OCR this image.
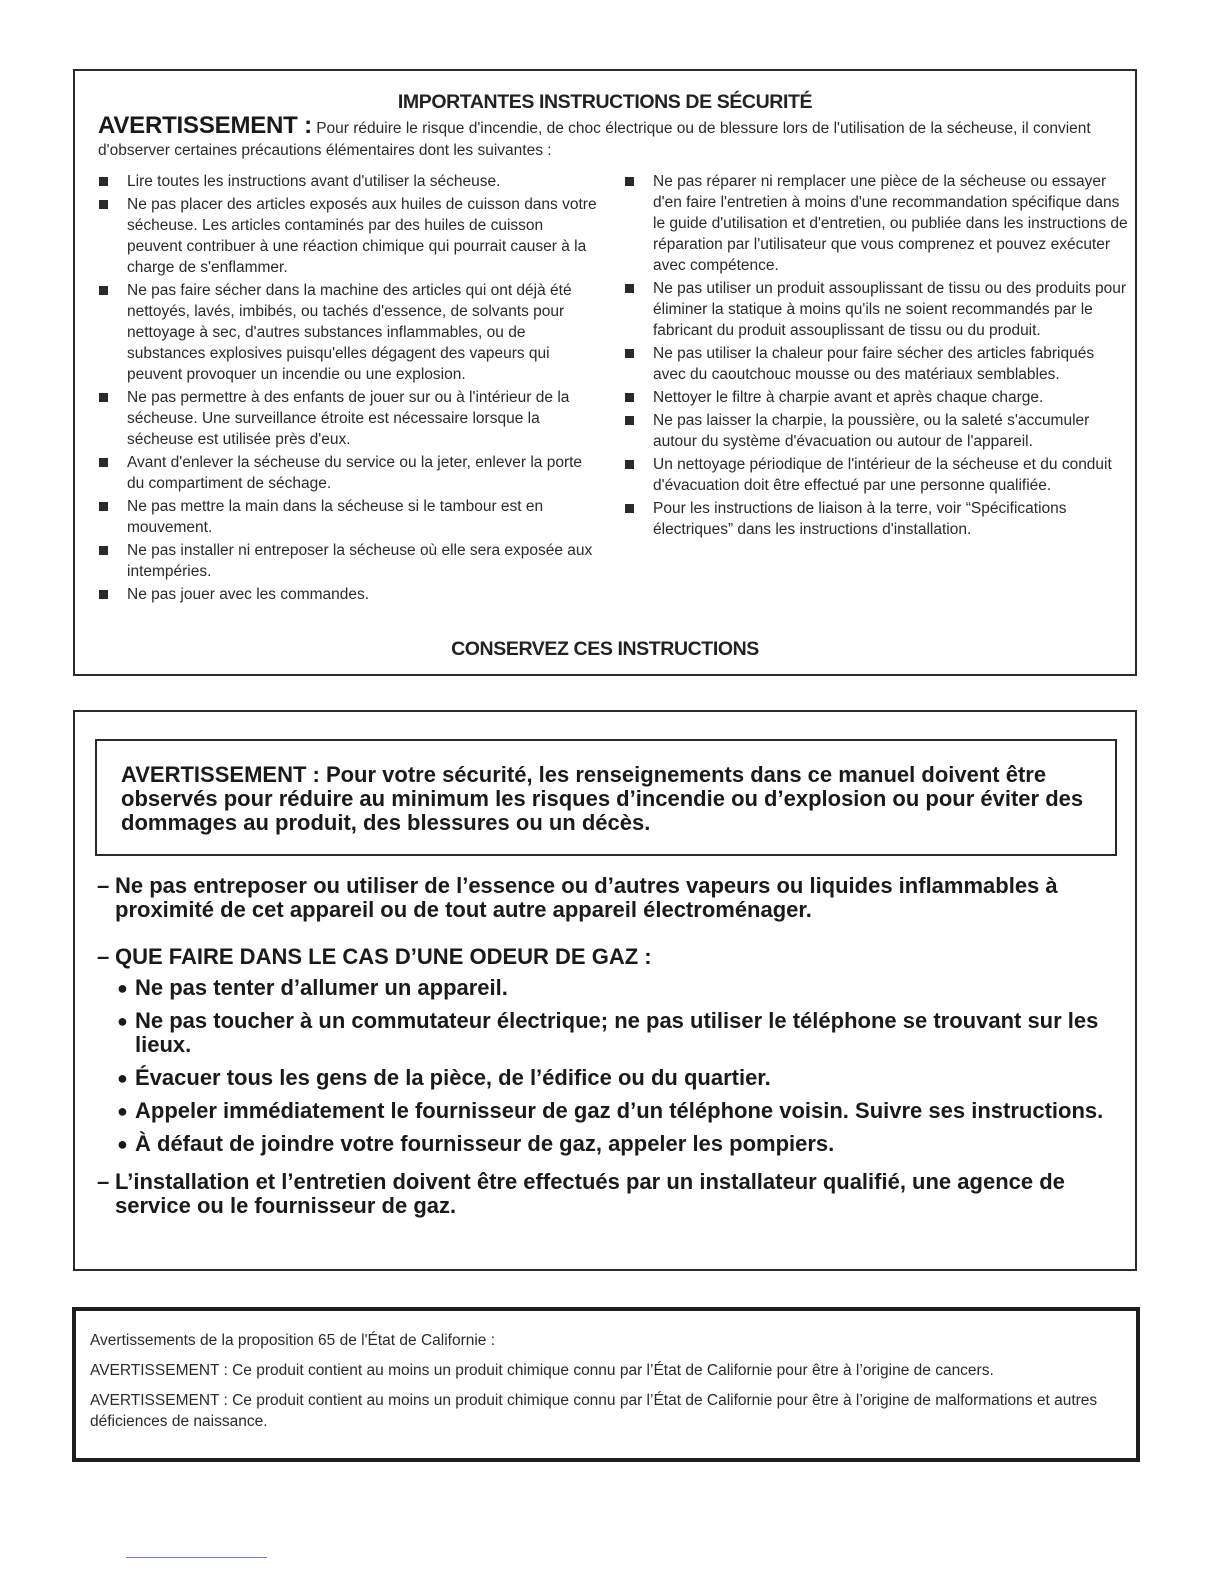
IMPORTANTES INSTRUCTIONS DE SÉCURITÉ
AVERTISSEMENT : Pour réduire le risque d'incendie, de choc électrique ou de blessure lors de l'utilisation de la sécheuse, il convient d'observer certaines précautions élémentaires dont les suivantes :
Lire toutes les instructions avant d'utiliser la sécheuse.
Ne pas placer des articles exposés aux huiles de cuisson dans votre sécheuse. Les articles contaminés par des huiles de cuisson peuvent contribuer à une réaction chimique qui pourrait causer à la charge de s'enflammer.
Ne pas faire sécher dans la machine des articles qui ont déjà été nettoyés, lavés, imbibés, ou tachés d'essence, de solvants pour nettoyage à sec, d'autres substances inflammables, ou de substances explosives puisqu'elles dégagent des vapeurs qui peuvent provoquer un incendie ou une explosion.
Ne pas permettre à des enfants de jouer sur ou à l'intérieur de la sécheuse. Une surveillance étroite est nécessaire lorsque la sécheuse est utilisée près d'eux.
Avant d'enlever la sécheuse du service ou la jeter, enlever la porte du compartiment de séchage.
Ne pas mettre la main dans la sécheuse si le tambour est en mouvement.
Ne pas installer ni entreposer la sécheuse où elle sera exposée aux intempéries.
Ne pas jouer avec les commandes.
Ne pas réparer ni remplacer une pièce de la sécheuse ou essayer d'en faire l'entretien à moins d'une recommandation spécifique dans le guide d'utilisation et d'entretien, ou publiée dans les instructions de réparation par l'utilisateur que vous comprenez et pouvez exécuter avec compétence.
Ne pas utiliser un produit assouplissant de tissu ou des produits pour éliminer la statique à moins qu'ils ne soient recommandés par le fabricant du produit assouplissant de tissu ou du produit.
Ne pas utiliser la chaleur pour faire sécher des articles fabriqués avec du caoutchouc mousse ou des matériaux semblables.
Nettoyer le filtre à charpie avant et après chaque charge.
Ne pas laisser la charpie, la poussière, ou la saleté s'accumuler autour du système d'évacuation ou autour de l'appareil.
Un nettoyage périodique de l'intérieur de la sécheuse et du conduit d'évacuation doit être effectué par une personne qualifiée.
Pour les instructions de liaison à la terre, voir “Spécifications électriques” dans les instructions d'installation.
CONSERVEZ CES INSTRUCTIONS
AVERTISSEMENT : Pour votre sécurité, les renseignements dans ce manuel doivent être observés pour réduire au minimum les risques d’incendie ou d’explosion ou pour éviter des dommages au produit, des blessures ou un décès.
– Ne pas entreposer ou utiliser de l’essence ou d’autres vapeurs ou liquides inflammables à proximité de cet appareil ou de tout autre appareil électroménager.
– QUE FAIRE DANS LE CAS D’UNE ODEUR DE GAZ :
● Ne pas tenter d’allumer un appareil.
● Ne pas toucher à un commutateur électrique; ne pas utiliser le téléphone se trouvant sur les lieux.
● Évacuer tous les gens de la pièce, de l’édifice ou du quartier.
● Appeler immédiatement le fournisseur de gaz d’un téléphone voisin. Suivre ses instructions.
● À défaut de joindre votre fournisseur de gaz, appeler les pompiers.
– L’installation et l’entretien doivent être effectués par un installateur qualifié, une agence de service ou le fournisseur de gaz.

Avertissements de la proposition 65 de l'État de Californie :

AVERTISSEMENT : Ce produit contient au moins un produit chimique connu par l’État de Californie pour être à l’origine de cancers.

AVERTISSEMENT : Ce produit contient au moins un produit chimique connu par l’État de Californie pour être à l’origine de malformations et autres déficiences de naissance.
